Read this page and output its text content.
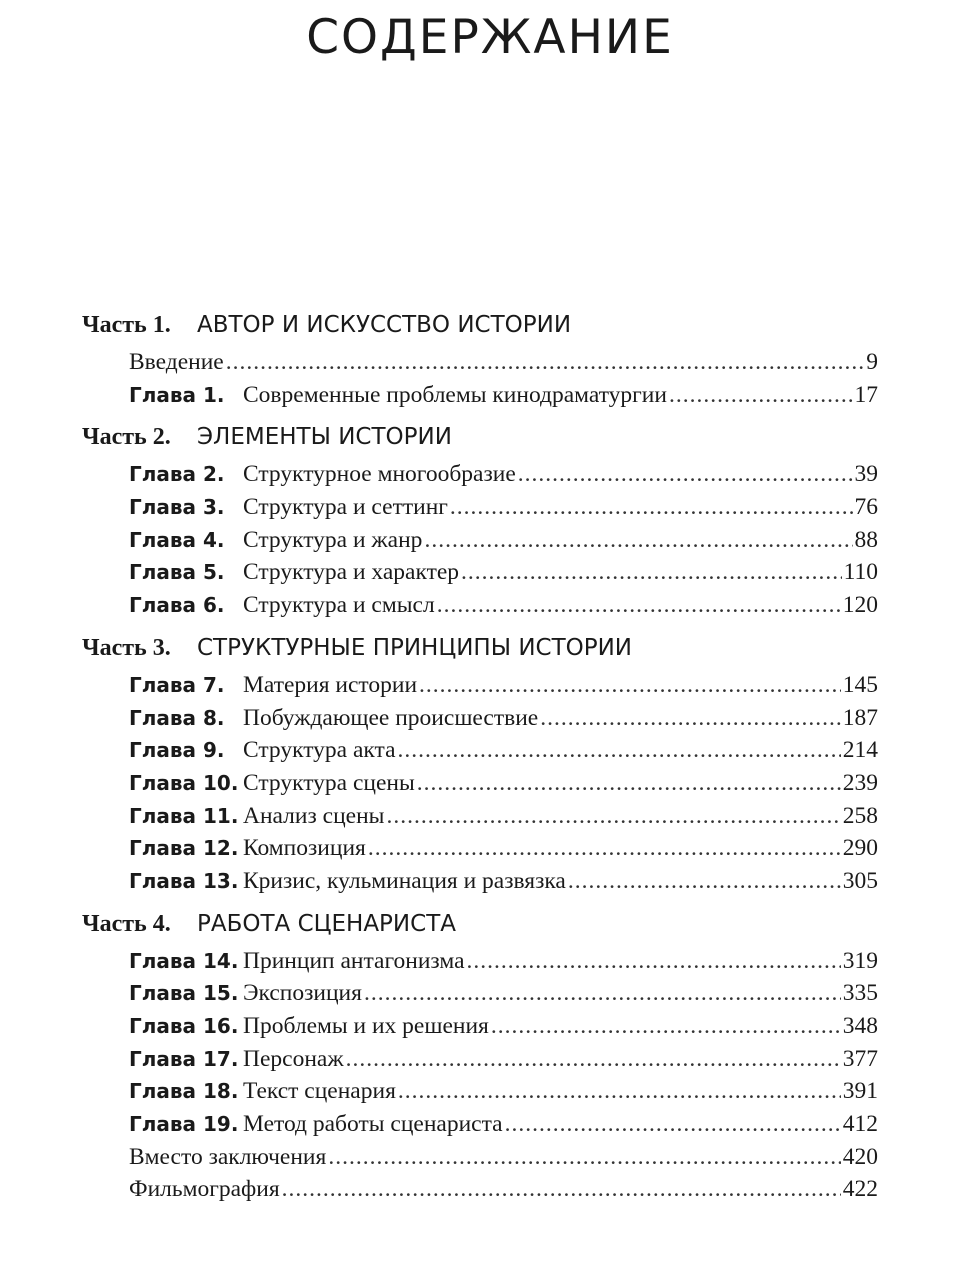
СОДЕРЖАНИЕ
Часть 1.	АВТОР И ИСКУССТВО ИСТОРИИ
Введение .....	9
Глава 1. Современные проблемы кинодраматургии .....	17
Часть 2.	ЭЛЕМЕНТЫ ИСТОРИИ
Глава 2. Структурное многообразие .....	39
Глава 3. Структура и сеттинг .....	76
Глава 4. Структура и жанр .....	88
Глава 5. Структура и характер .....	110
Глава 6. Структура и смысл .....	120
Часть 3.	СТРУКТУРНЫЕ ПРИНЦИПЫ ИСТОРИИ
Глава 7. Материя истории .....	145
Глава 8. Побуждающее происшествие .....	187
Глава 9. Структура акта .....	214
Глава 10. Структура сцены .....	239
Глава 11. Анализ сцены .....	258
Глава 12. Композиция .....	290
Глава 13. Кризис, кульминация и развязка .....	305
Часть 4.	РАБОТА СЦЕНАРИСТА
Глава 14. Принцип антагонизма .....	319
Глава 15. Экспозиция .....	335
Глава 16. Проблемы и их решения .....	348
Глава 17. Персонаж .....	377
Глава 18. Текст сценария .....	391
Глава 19. Метод работы сценариста .....	412
Вместо заключения .....	420
Фильмография .....	422
